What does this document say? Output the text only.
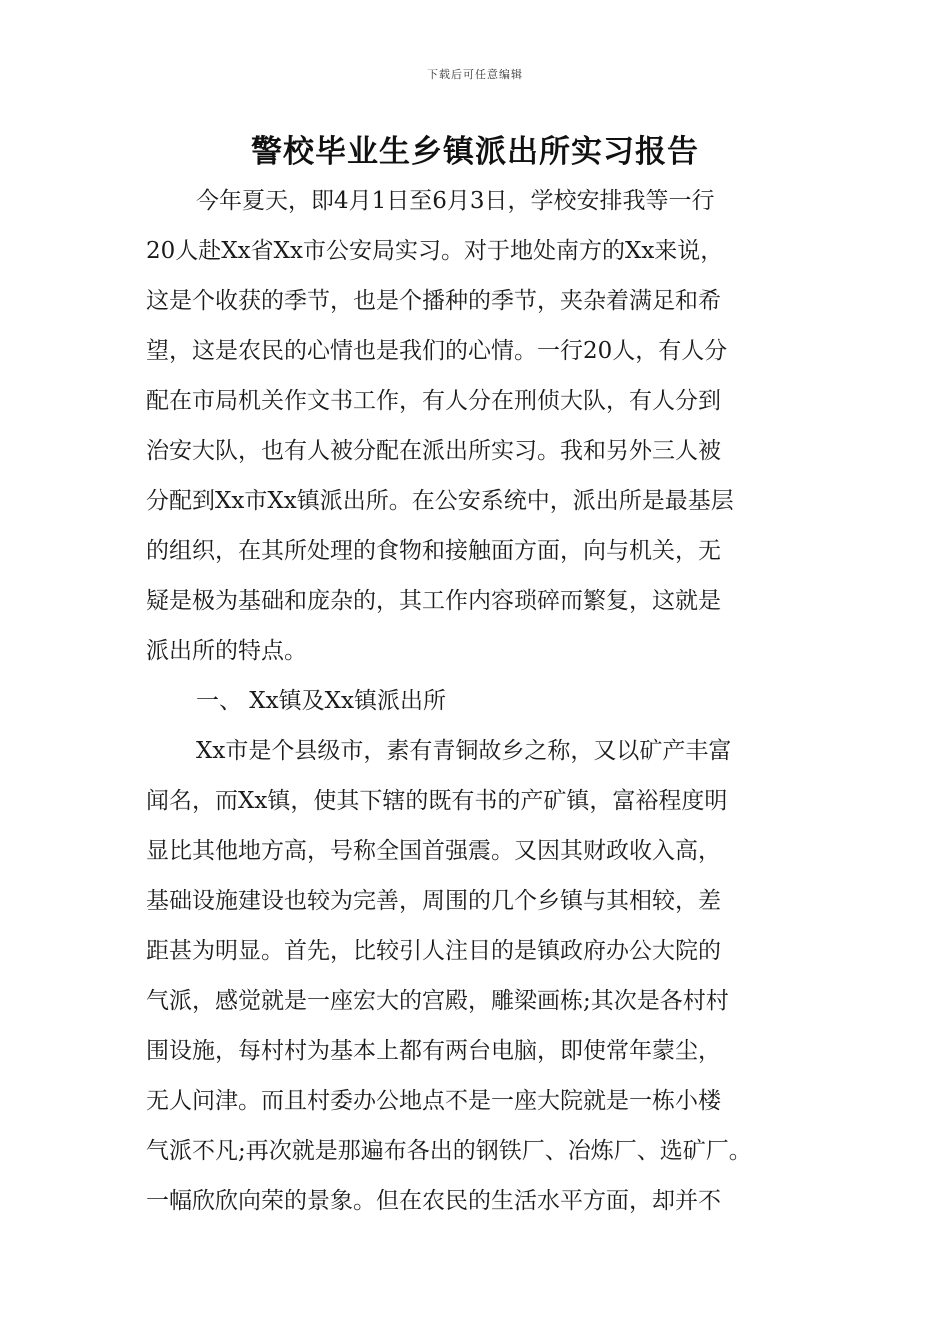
下载后可任意编辑
警校毕业生乡镇派出所实习报告
今年夏天，即4月1日至6月3日，学校安排我等一行
20人赴Xx省Xx市公安局实习。对于地处南方的Xx来说，
这是个收获的季节，也是个播种的季节，夹杂着满足和希
望，这是农民的心情也是我们的心情。一行20人，有人分
配在市局机关作文书工作，有人分在刑侦大队，有人分到
治安大队，也有人被分配在派出所实习。我和另外三人被
分配到Xx市Xx镇派出所。在公安系统中，派出所是最基层
的组织，在其所处理的食物和接触面方面，向与机关，无
疑是极为基础和庞杂的，其工作内容琐碎而繁复，这就是
派出所的特点。
一、 Xx镇及Xx镇派出所
Xx市是个县级市，素有青铜故乡之称，又以矿产丰富
闻名，而Xx镇，使其下辖的既有书的产矿镇，富裕程度明
显比其他地方高，号称全国首强震。又因其财政收入高，
基础设施建设也较为完善，周围的几个乡镇与其相较，差
距甚为明显。首先，比较引人注目的是镇政府办公大院的
气派，感觉就是一座宏大的宫殿，雕梁画栋;其次是各村村
围设施，每村村为基本上都有两台电脑，即使常年蒙尘，
无人问津。而且村委办公地点不是一座大院就是一栋小楼
气派不凡;再次就是那遍布各出的钢铁厂、冶炼厂、选矿厂。
一幅欣欣向荣的景象。但在农民的生活水平方面，却并不
